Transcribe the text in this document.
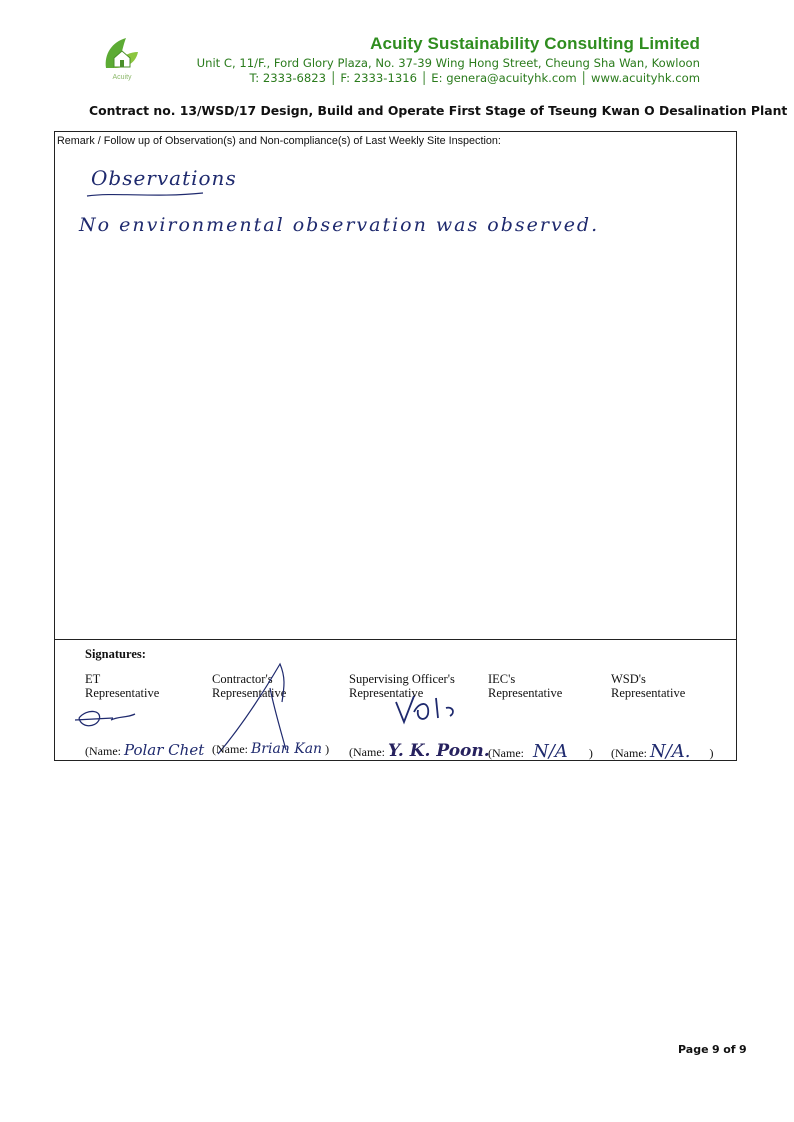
Acuity
Acuity Sustainability Consulting Limited
Unit C, 11/F., Ford Glory Plaza, No. 37-39 Wing Hong Street, Cheung Sha Wan, Kowloon
T: 2333-6823 │ F: 2333-1316 │ E: genera@acuityhk.com │ www.acuityhk.com
Contract no. 13/WSD/17 Design, Build and Operate First Stage of Tseung Kwan O Desalination Plant
Remark / Follow up of Observation(s) and Non-compliance(s) of Last Weekly Site Inspection:
Observations
No environmental observation was observed.
Signatures:
ET
Representative
Contractor's
Representative
Supervising Officer's
Representative
IEC's
Representative
WSD's
Representative
(Name: Polar Chet (Name: Brian Kan ) (Name: Y. K. Poon.
(Name: N/A ) (Name: N/A. )
Page 9 of 9
